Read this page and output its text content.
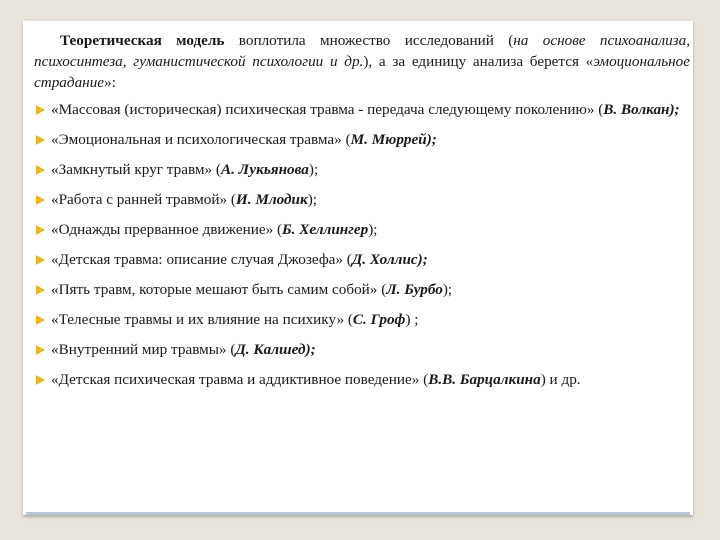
Теоретическая модель воплотила множество исследований (на основе психоанализа, психосинтеза, гуманистической психологии и др.), а за единицу анализа берется «эмоциональное страдание»:

«Массовая (историческая) психическая травма - передача следующему поколению» (В. Волкан);
«Эмоциональная и психологическая травма» (М. Мюррей);
«Замкнутый круг травм» (А. Лукьянова);
«Работа с ранней травмой» (И. Млодик);
«Однажды прерванное движение» (Б. Хеллингер);
«Детская травма: описание случая Джозефа» (Д. Холлис);
«Пять травм, которые мешают быть самим собой» (Л. Бурбо);
«Телесные травмы и их влияние на психику» (С. Гроф) ;
«Внутренний мир травмы» (Д. Калшед);
«Детская психическая травма и аддиктивное поведение» (В.В. Барцалкина) и др.
